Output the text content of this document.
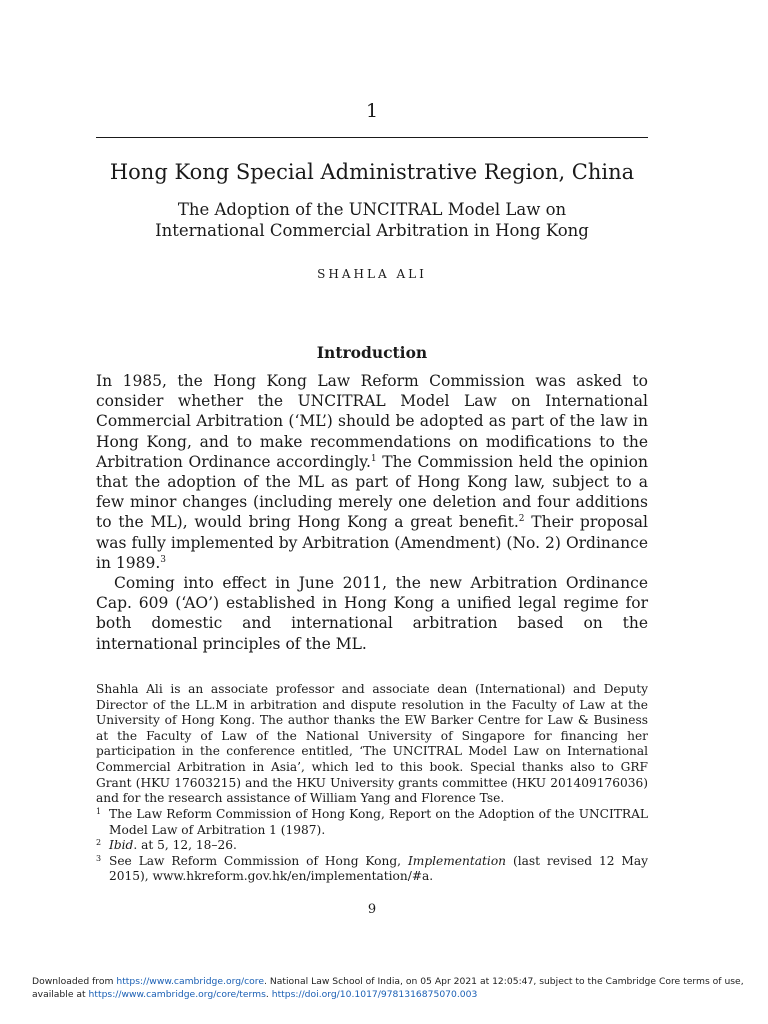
1
Hong Kong Special Administrative Region, China
The Adoption of the UNCITRAL Model Law on
International Commercial Arbitration in Hong Kong
SHAHLA ALI
Introduction

In 1985, the Hong Kong Law Reform Commission was asked to consider whether the UNCITRAL Model Law on International Commercial Arbitration (‘ML’) should be adopted as part of the law in Hong Kong, and to make recommendations on modifications to the Arbitration Ordinance accordingly.$^1$ The Commission held the opinion that the adoption of the ML as part of Hong Kong law, subject to a few minor changes (including merely one deletion and four additions to the ML), would bring Hong Kong a great benefit.$^2$ Their proposal was fully implemented by Arbitration (Amendment) (No. 2) Ordinance in 1989.$^3$

Coming into effect in June 2011, the new Arbitration Ordinance Cap. 609 (‘AO’) established in Hong Kong a unified legal regime for both domestic and international arbitration based on the international principles of the ML.

Shahla Ali is an associate professor and associate dean (International) and Deputy Director of the LL.M in arbitration and dispute resolution in the Faculty of Law at the University of Hong Kong. The author thanks the EW Barker Centre for Law & Business at the Faculty of Law of the National University of Singapore for financing her participation in the conference entitled, ‘The UNCITRAL Model Law on International Commercial Arbitration in Asia’, which led to this book. Special thanks also to GRF Grant (HKU 17603215) and the HKU University grants committee (HKU 201409176036) and for the research assistance of William Yang and Florence Tse.
1 The Law Reform Commission of Hong Kong, Report on the Adoption of the UNCITRAL Model Law of Arbitration 1 (1987).
2 Ibid. at 5, 12, 18–26.
3 See Law Reform Commission of Hong Kong, Implementation (last revised 12 May 2015), www.hkreform.gov.hk/en/implementation/#a.
9
Downloaded from https://www.cambridge.org/core. National Law School of India, on 05 Apr 2021 at 12:05:47, subject to the Cambridge Core terms of use, available at https://www.cambridge.org/core/terms. https://doi.org/10.1017/9781316875070.003
